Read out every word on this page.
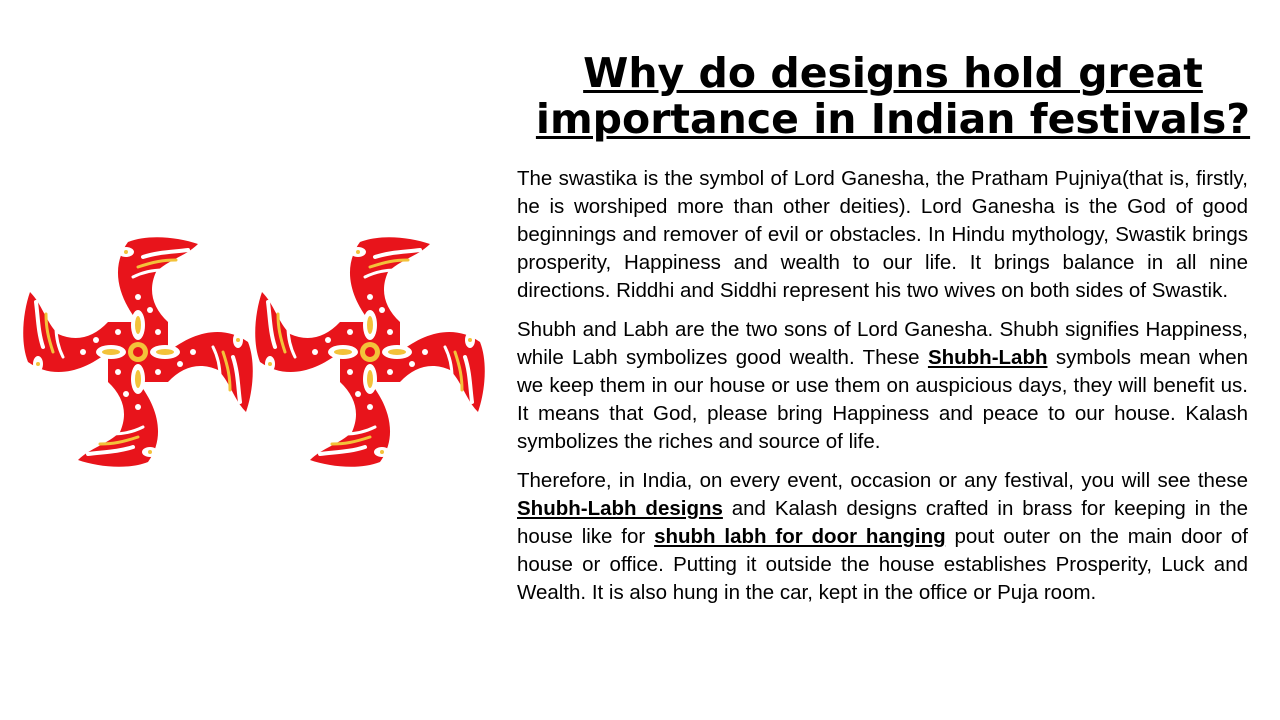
Why do designs hold great importance in Indian festivals?

The swastika is the symbol of Lord Ganesha, the Pratham Pujniya(that is, firstly, he is worshiped more than other deities). Lord Ganesha is the God of good beginnings and remover of evil or obstacles. In Hindu mythology, Swastik brings prosperity, Happiness and wealth to our life. It brings balance in all nine directions. Riddhi and Siddhi represent his two wives on both sides of Swastik.

Shubh and Labh are the two sons of Lord Ganesha. Shubh signifies Happiness, while Labh symbolizes good wealth. These Shubh-Labh symbols mean when we keep them in our house or use them on auspicious days, they will benefit us. It means that God, please bring Happiness and peace to our house. Kalash symbolizes the riches and source of life.

Therefore, in India, on every event, occasion or any festival, you will see these Shubh-Labh designs and Kalash designs crafted in brass for keeping in the house like for shubh labh for door hanging pout outer on the main door of house or office. Putting it outside the house establishes Prosperity, Luck and Wealth. It is also hung in the car, kept in the office or Puja room.
